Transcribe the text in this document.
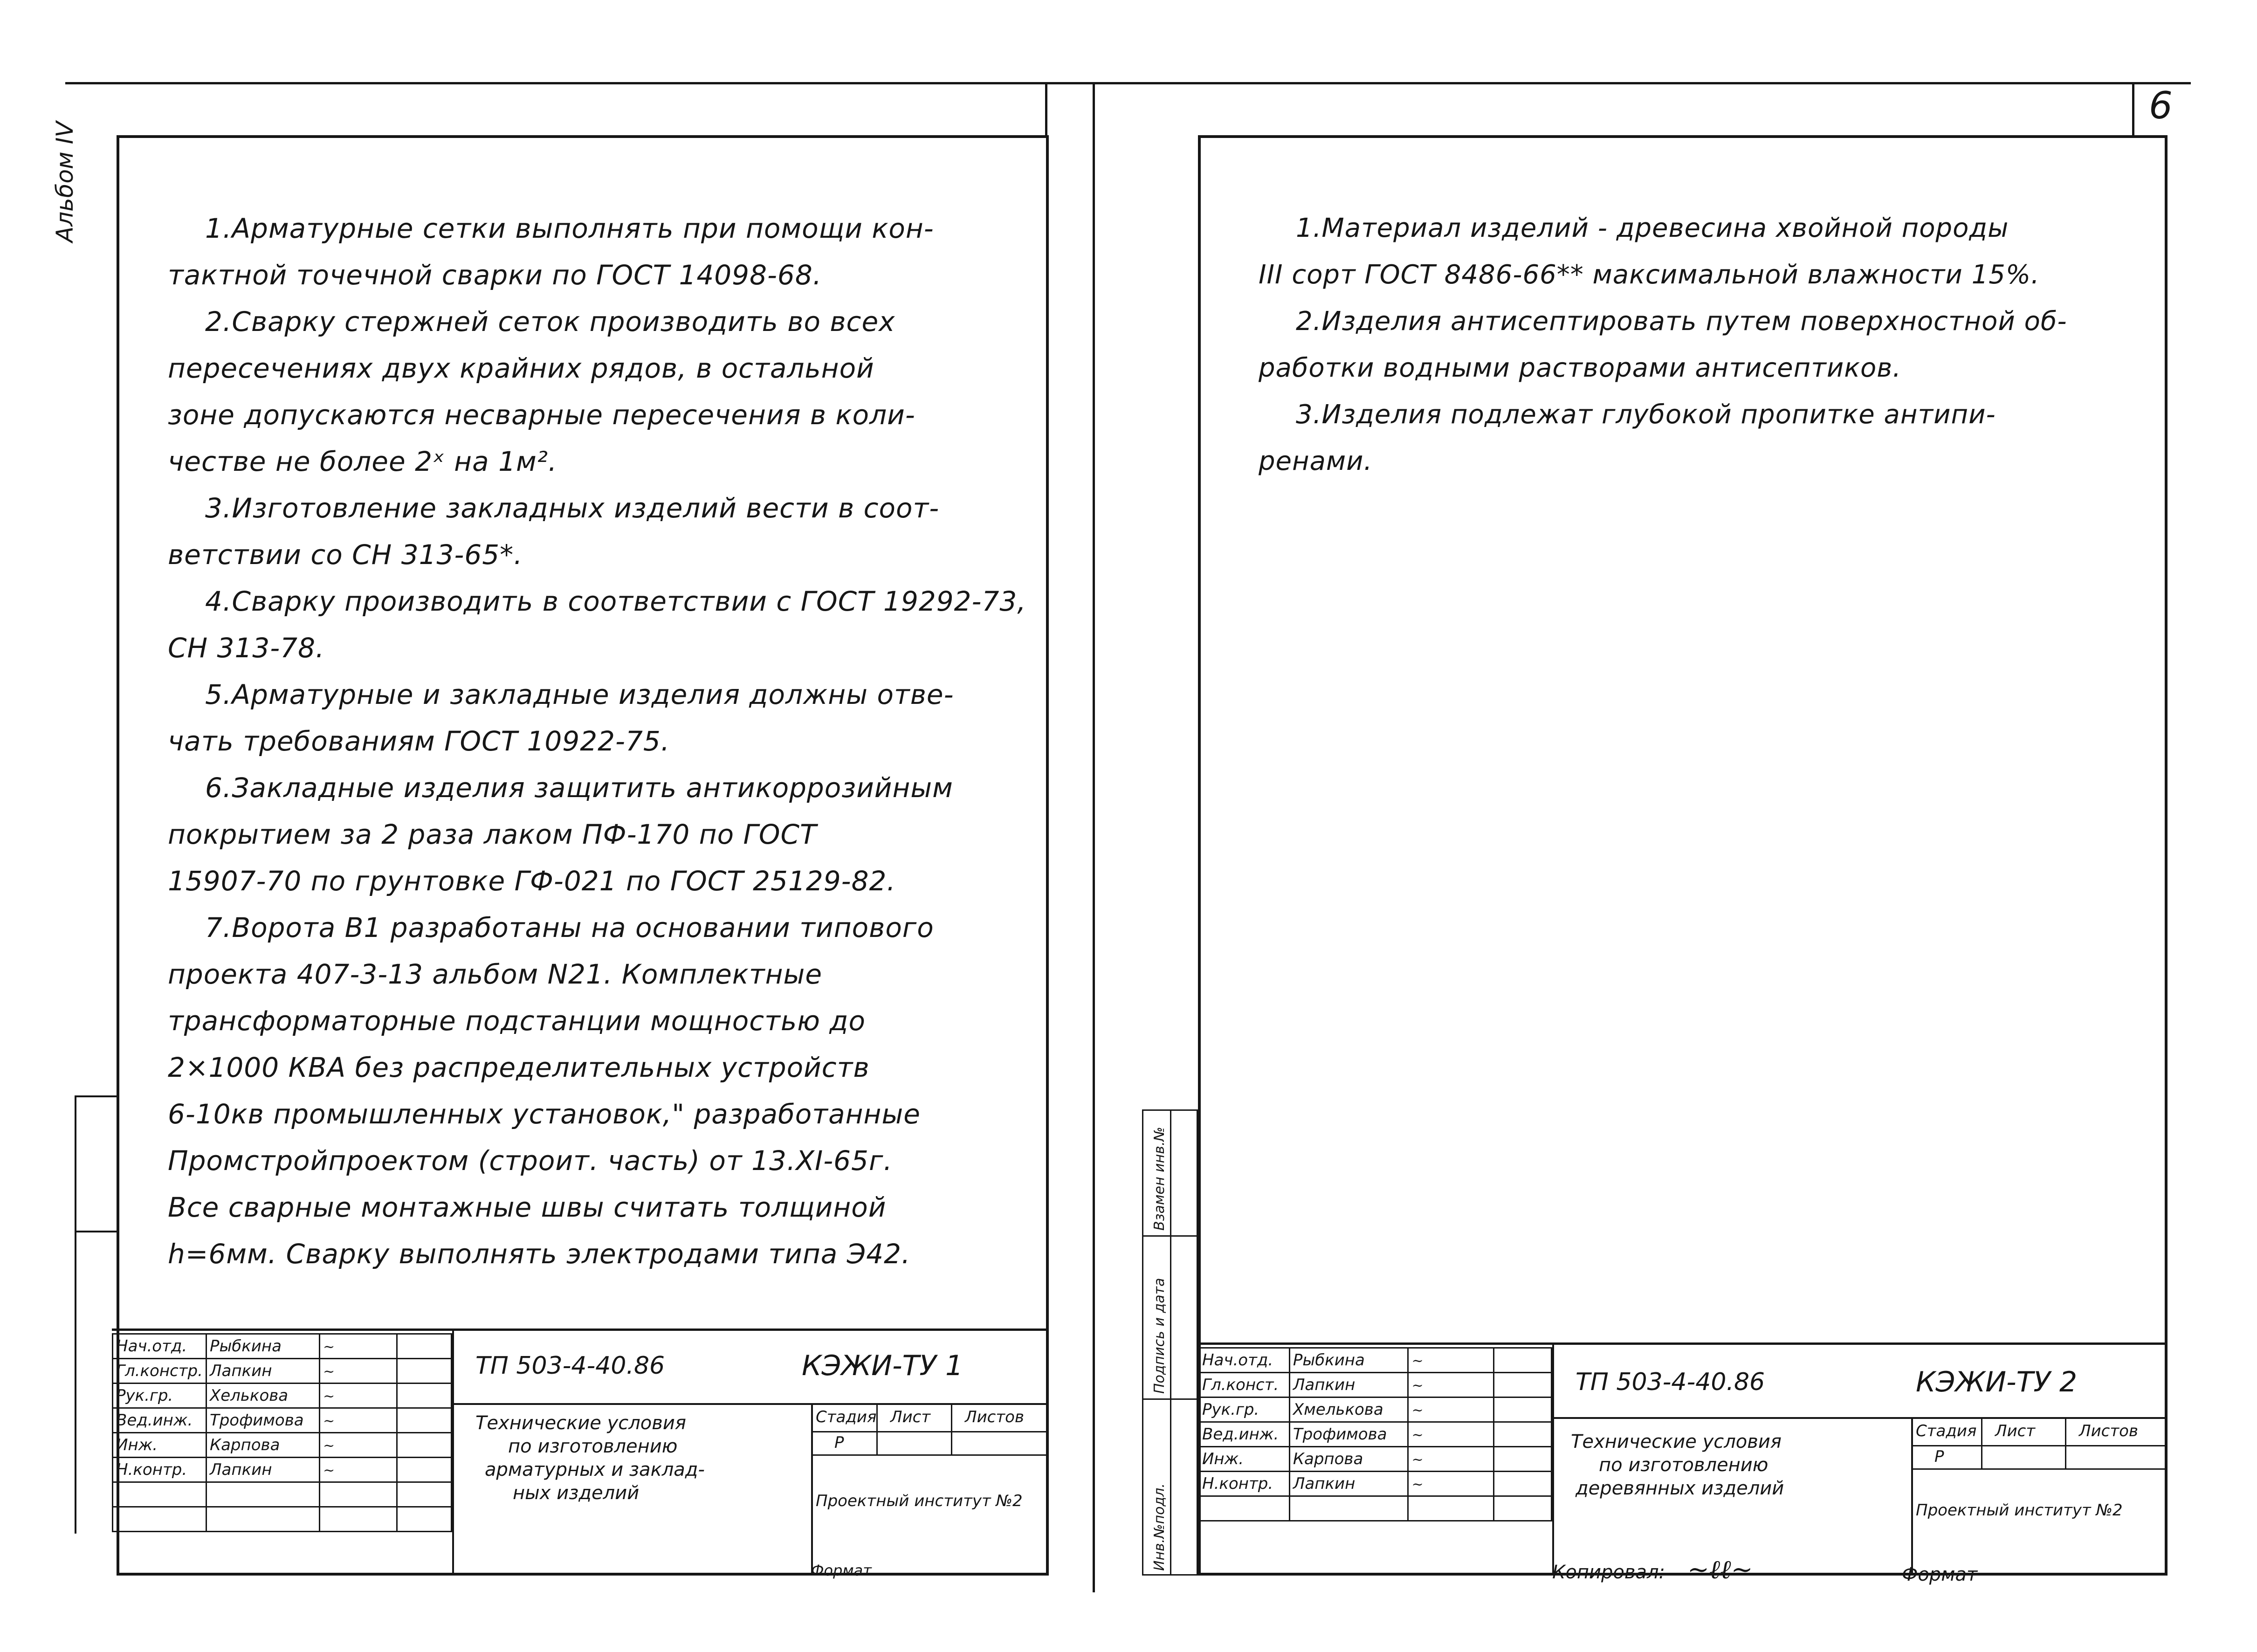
6
Альбом IV
Инв.№подл.
Подпись и дата
Взамен инв.№

1.Арматурные сетки выполнять при помощи кон-

тактной точечной сварки по ГОСТ 14098-68.

2.Сварку стержней сеток производить во всех

пересечениях двух крайних рядов, в остальной

зоне допускаются несварные пересечения в коли-

честве не более 2ˣ на 1м².

3.Изготовление закладных изделий вести в соот-

ветствии со СН 313-65*.

4.Сварку производить в соответствии с ГОСТ 19292-73,

СН 313-78.

5.Арматурные и закладные изделия должны отве-

чать требованиям ГОСТ 10922-75.

6.Закладные изделия защитить антикоррозийным

покрытием за 2 раза лаком ПФ-170 по ГОСТ

15907-70 по грунтовке ГФ-021 по ГОСТ 25129-82.

7.Ворота В1 разработаны на основании типового

проекта 407-3-13 альбом N21. Комплектные

трансформаторные подстанции мощностью до

2×1000 КВА без распределительных устройств

6-10кв промышленных установок," разработанные

Промстройпроектом (строит. часть) от 13.XI-65г.

Все сварные монтажные швы считать толщиной

h=6мм. Сварку выполнять электродами типа Э42.

1.Материал изделий - древесина хвойной породы

III сорт ГОСТ 8486-66** максимальной влажности 15%.

2.Изделия антисептировать путем поверхностной об-

работки водными растворами антисептиков.

3.Изделия подлежат глубокой пропитке антипи-

ренами.

Нач.отд.	Рыбкина	~	
Гл.констр.	Лапкин	~	
Рук.гр.	Хелькова	~	
Вед.инж.	Трофимова	~	
Инж.	Карпова	~	
Н.контр.	Лапкин	~	

ТП 503-4-40.86	КЭЖИ-ТУ 1
Технические условия
по изготовлению
арматурных и заклад-
ных изделий
Стадия Лист Листов
Р
Проектный институт №2
Формат
Нач.отд.	Рыбкина	~	
Гл.конст.	Лапкин	~	
Рук.гр.	Хмелькова	~	
Вед.инж.	Трофимова	~	
Инж.	Карпова	~	
Н.контр.	Лапкин	~	

ТП 503-4-40.86	КЭЖИ-ТУ 2
Технические условия
по изготовлению
деревянных изделий
Стадия Лист	Листов
Р
Проектный институт №2
Копировал: ~ℓℓ~	Формат
